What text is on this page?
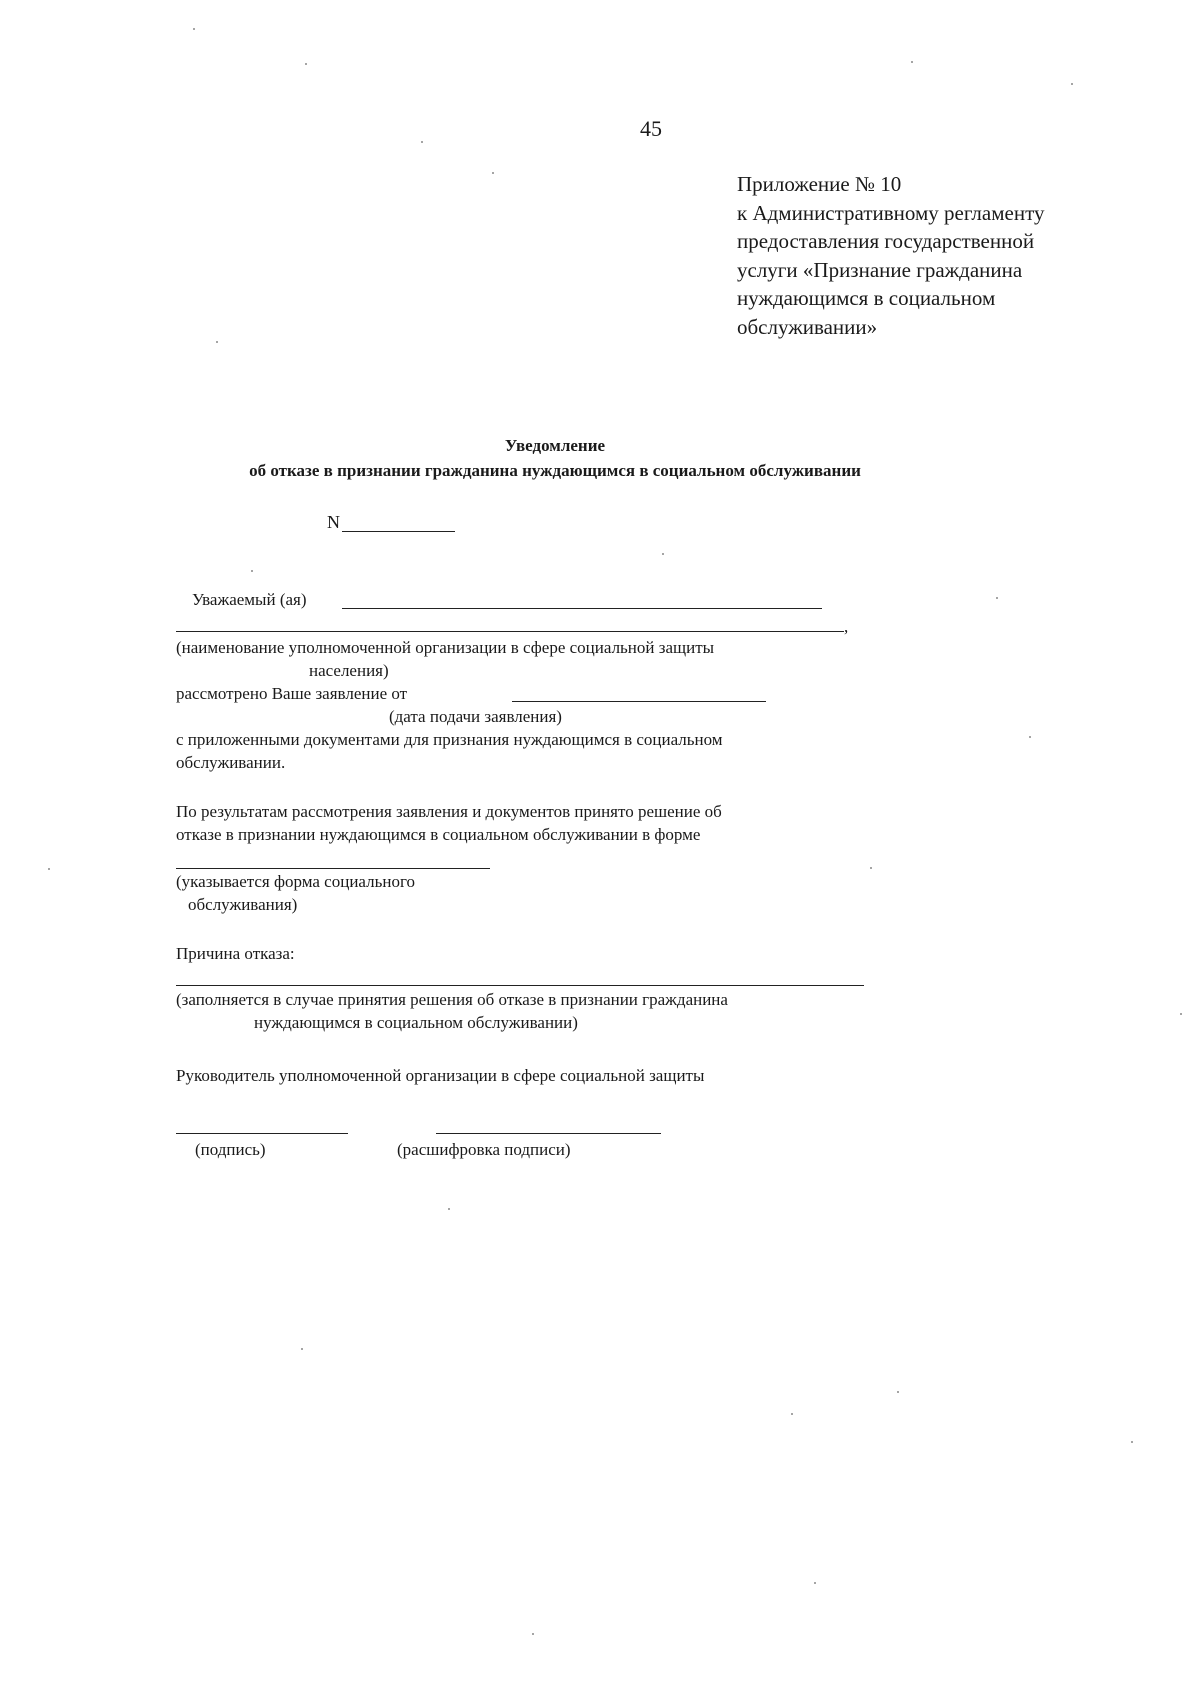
45
Приложение № 10
к Административному регламенту
предоставления государственной
услуги «Признание гражданина
нуждающимся в социальном
обслуживании»
Уведомление
об отказе в признании гражданина нуждающимся в социальном обслуживании
N
Уважаемый (ая)
,
(наименование уполномоченной организации в сфере социальной защиты
населения)
рассмотрено Ваше заявление от
(дата подачи заявления)
с приложенными документами для признания нуждающимся в социальном
обслуживании.
По результатам рассмотрения заявления и документов принято решение об
отказе в признании нуждающимся в социальном обслуживании в форме
(указывается форма социального
обслуживания)
Причина отказа:
(заполняется в случае принятия решения об отказе в признании гражданина
нуждающимся в социальном обслуживании)
Руководитель уполномоченной организации в сфере социальной защиты
(подпись)	(расшифровка подписи)
